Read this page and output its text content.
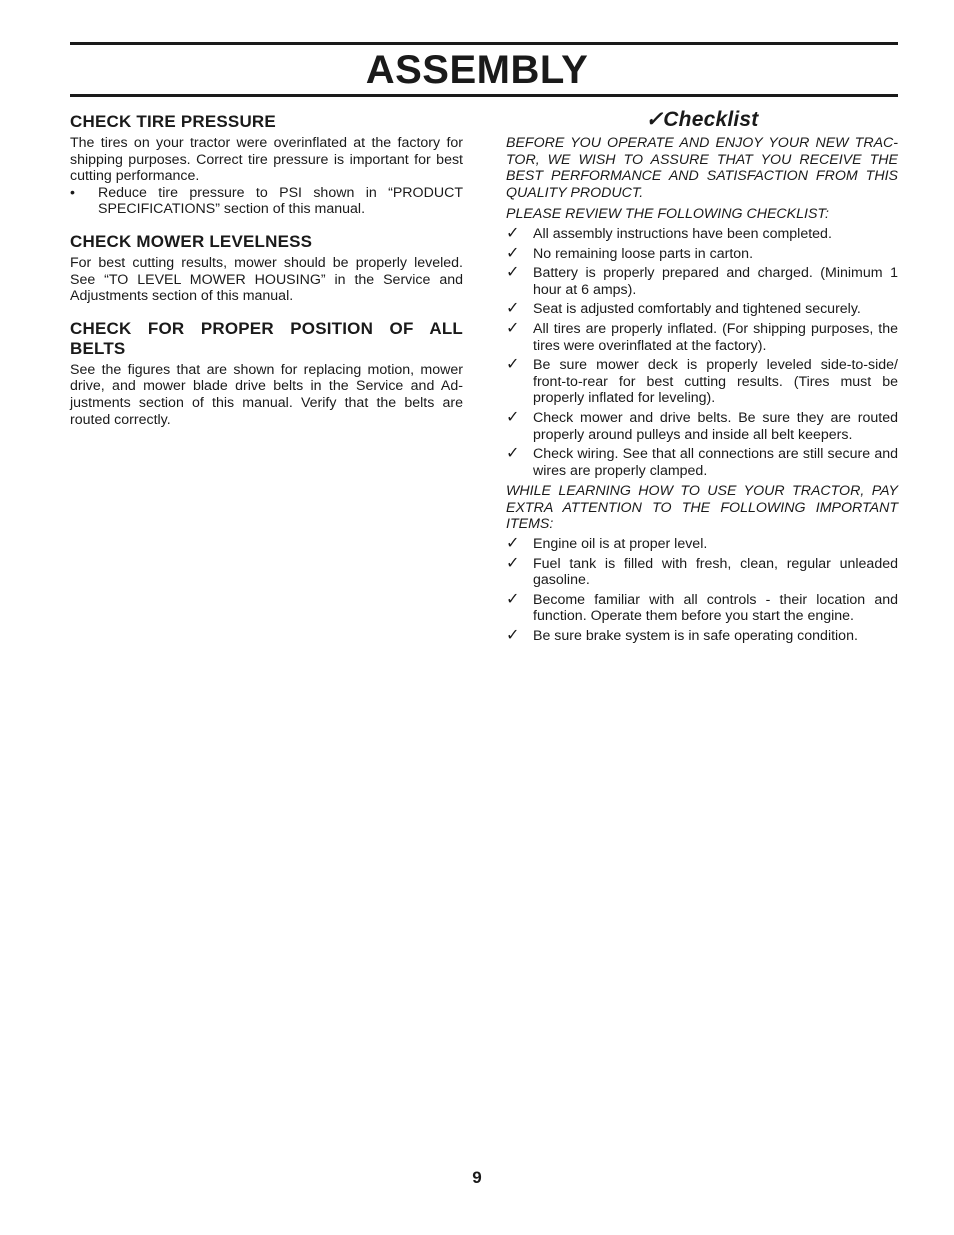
ASSEMBLY
CHECK TIRE PRESSURE

The tires on your tractor were overinflated at the factory for shipping purposes. Correct tire pressure is important for best cutting performance.

•	Reduce tire pressure to PSI shown in “PRODUCT SPECIFICATIONS” section of this manual.
CHECK MOWER LEVELNESS

For best cutting results, mower should be properly leveled. See “TO LEVEL MOWER HOUSING” in the Service and Adjustments section of this manual.

CHECK FOR PROPER POSITION OF ALL BELTS

See the figures that are shown for replacing motion, mower drive, and mower blade drive belts in the Service and Ad-justments section of this manual. Verify that the belts are routed correctly.

✓Checklist
BEFORE YOU OPERATE AND ENJOY YOUR NEW TRAC-TOR, WE WISH TO ASSURE THAT YOU RECEIVE THE BEST PERFORMANCE AND SATISFACTION FROM THIS QUALITY PRODUCT.
PLEASE REVIEW THE FOLLOWING CHECKLIST:
✓ All assembly instructions have been completed.
✓ No remaining loose parts in carton.
✓ Battery is properly prepared and charged. (Minimum 1 hour at 6 amps).
✓ Seat is adjusted comfortably and tightened securely.
✓ All tires are properly inflated. (For shipping purposes, the tires were overinflated at the factory).
✓ Be sure mower deck is properly leveled side-to-side/ front-to-rear for best cutting results. (Tires must be properly inflated for leveling).
✓ Check mower and drive belts. Be sure they are routed properly around pulleys and inside all belt keepers.
✓ Check wiring. See that all connections are still secure and wires are properly clamped.
WHILE LEARNING HOW TO USE YOUR TRACTOR, PAY EXTRA ATTENTION TO THE FOLLOWING IMPORTANT ITEMS:
✓ Engine oil is at proper level.
✓ Fuel tank is filled with fresh, clean, regular unleaded gasoline.
✓ Become familiar with all controls - their location and function. Operate them before you start the engine.
✓ Be sure brake system is in safe operating condition.
9
